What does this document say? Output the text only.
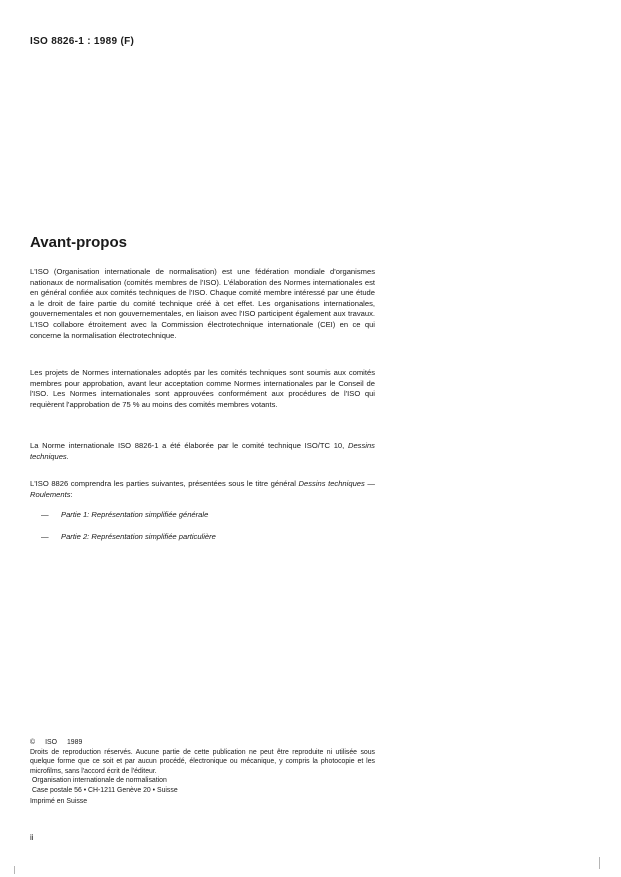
ISO 8826-1 : 1989 (F)
Avant-propos

L'ISO (Organisation internationale de normalisation) est une fédération mondiale d'organismes nationaux de normalisation (comités membres de l'ISO). L'élaboration des Normes internationales est en général confiée aux comités techniques de l'ISO. Chaque comité membre intéressé par une étude a le droit de faire partie du comité technique créé à cet effet. Les organisations internationales, gouvernementales et non gouvernementales, en liaison avec l'ISO participent également aux travaux. L'ISO collabore étroitement avec la Commission électrotechnique internationale (CEI) en ce qui concerne la normalisation électrotechnique.

Les projets de Normes internationales adoptés par les comités techniques sont soumis aux comités membres pour approbation, avant leur acceptation comme Normes internationales par le Conseil de l'ISO. Les Normes internationales sont approuvées conformément aux procédures de l'ISO qui requièrent l'approbation de 75 % au moins des comités membres votants.

La Norme internationale ISO 8826-1 a été élaborée par le comité technique ISO/TC 10, Dessins techniques.

L'ISO 8826 comprendra les parties suivantes, présentées sous le titre général Dessins techniques — Roulements:

— Partie 1: Représentation simplifiée générale
— Partie 2: Représentation simplifiée particulière
© ISO 1989

Droits de reproduction réservés. Aucune partie de cette publication ne peut être reproduite ni utilisée sous quelque forme que ce soit et par aucun procédé, électronique ou mécanique, y compris la photocopie et les microfilms, sans l'accord écrit de l'éditeur.

Organisation internationale de normalisation
Case postale 56 • CH-1211 Genève 20 • Suisse
Imprimé en Suisse
ii
